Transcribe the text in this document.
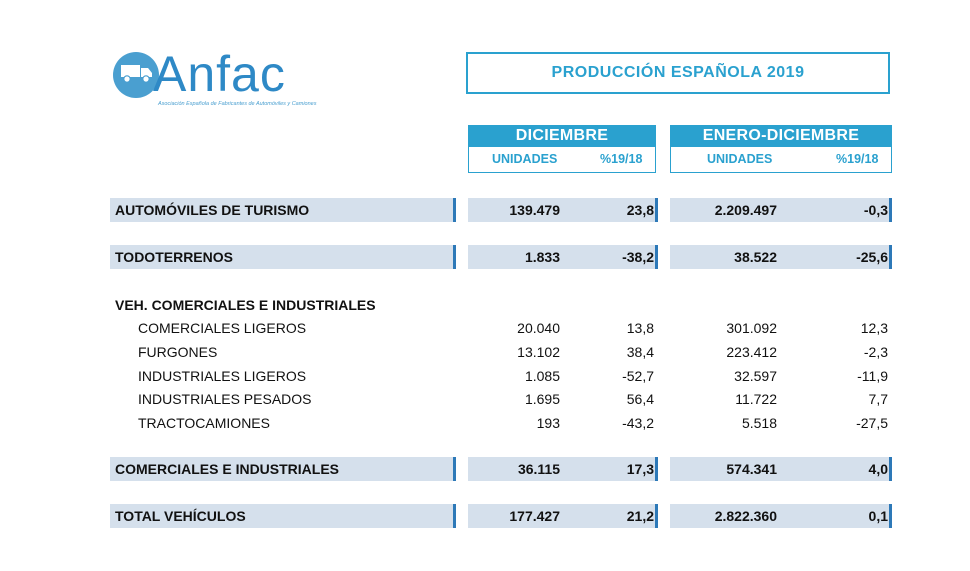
Anfac
Asociación Española de Fabricantes de Automóviles y Camiones
PRODUCCIÓN ESPAÑOLA 2019
DICIEMBRE
UNIDADES	%19/18
ENERO-DICIEMBRE
UNIDADES	%19/18
AUTOMÓVILES DE TURISMO	139.479	23,8	2.209.497	-0,3
TODOTERRENOS	1.833	-38,2	38.522	-25,6
VEH. COMERCIALES E INDUSTRIALES
COMERCIALES LIGEROS	20.040	13,8	301.092	12,3
FURGONES	13.102	38,4	223.412	-2,3
INDUSTRIALES LIGEROS	1.085	-52,7	32.597	-11,9
INDUSTRIALES PESADOS	1.695	56,4	11.722	7,7
TRACTOCAMIONES	193	-43,2	5.518	-27,5
COMERCIALES E INDUSTRIALES	36.115	17,3	574.341	4,0
TOTAL VEHÍCULOS	177.427	21,2	2.822.360	0,1
